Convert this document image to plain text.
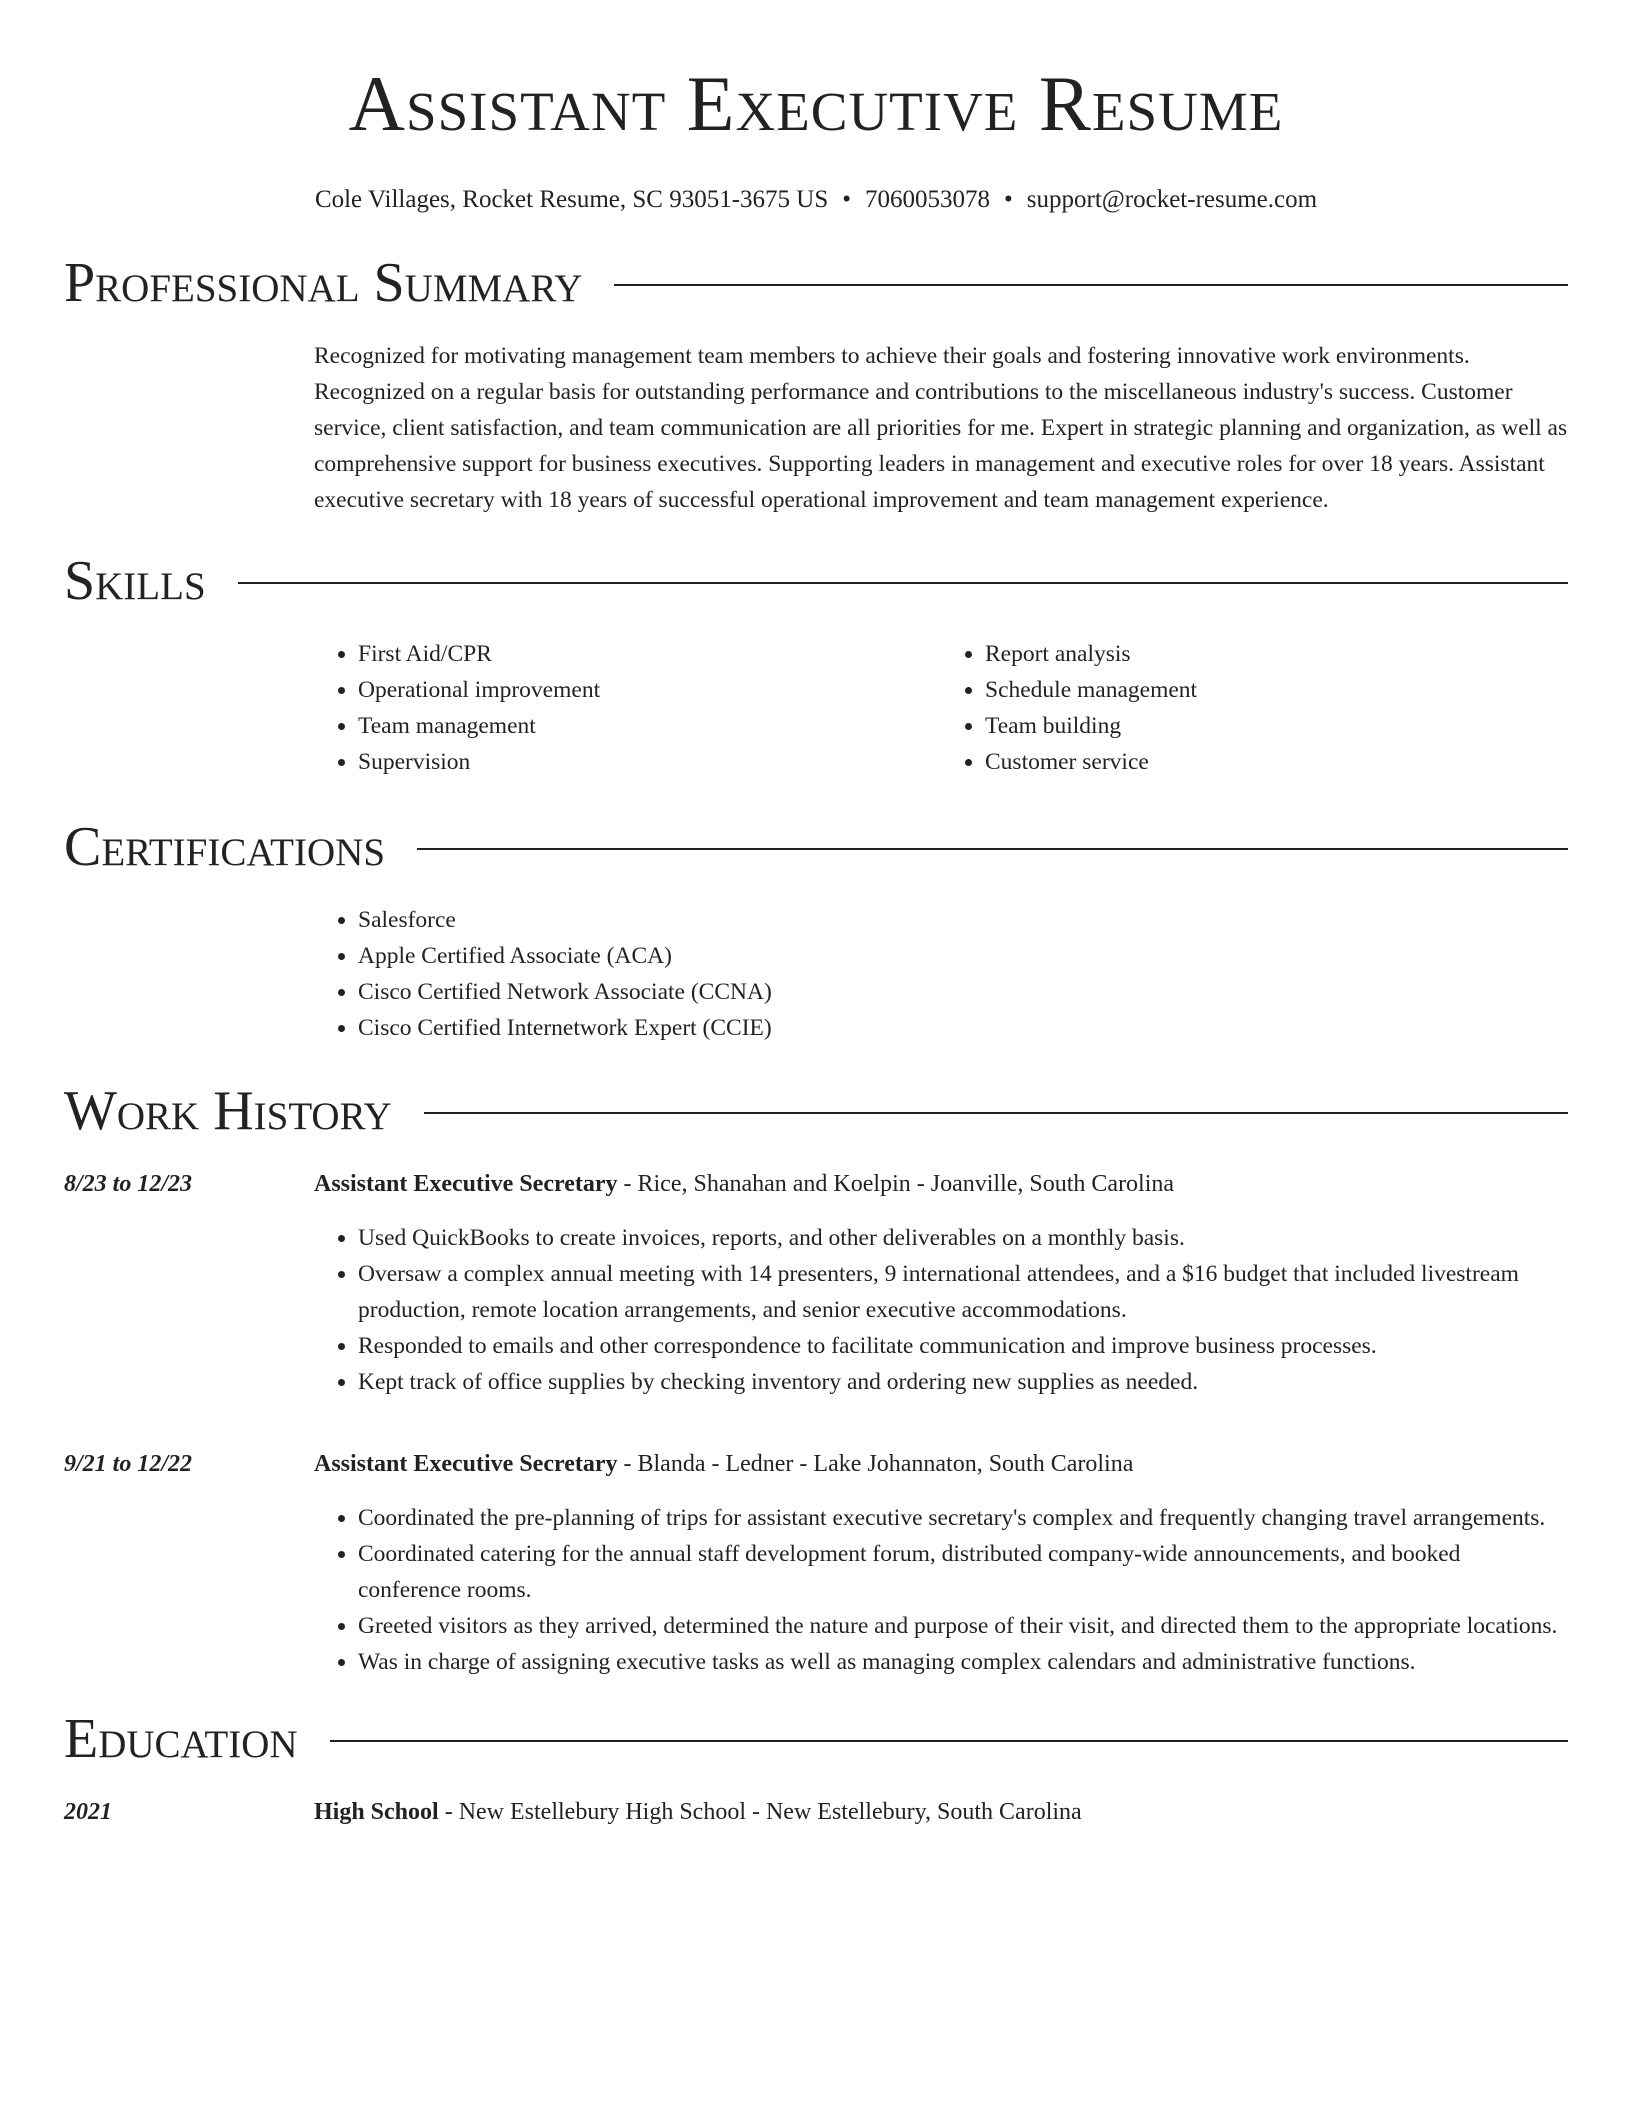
Assistant Executive Resume
Cole Villages, Rocket Resume, SC 93051-3675 US • 7060053078 • support@rocket-resume.com
Professional Summary
Recognized for motivating management team members to achieve their goals and fostering innovative work environments. Recognized on a regular basis for outstanding performance and contributions to the miscellaneous industry's success. Customer service, client satisfaction, and team communication are all priorities for me. Expert in strategic planning and organization, as well as comprehensive support for business executives. Supporting leaders in management and executive roles for over 18 years. Assistant executive secretary with 18 years of successful operational improvement and team management experience.
Skills
• First Aid/CPR
• Operational improvement
• Team management
• Supervision
• Report analysis
• Schedule management
• Team building
• Customer service
Certifications
• Salesforce
• Apple Certified Associate (ACA)
• Cisco Certified Network Associate (CCNA)
• Cisco Certified Internetwork Expert (CCIE)
Work History
8/23 to 12/23	Assistant Executive Secretary - Rice, Shanahan and Koelpin - Joanville, South Carolina
• Used QuickBooks to create invoices, reports, and other deliverables on a monthly basis.
• Oversaw a complex annual meeting with 14 presenters, 9 international attendees, and a $16 budget that included livestream production, remote location arrangements, and senior executive accommodations.
• Responded to emails and other correspondence to facilitate communication and improve business processes.
• Kept track of office supplies by checking inventory and ordering new supplies as needed.
9/21 to 12/22	Assistant Executive Secretary - Blanda - Ledner - Lake Johannaton, South Carolina
• Coordinated the pre-planning of trips for assistant executive secretary's complex and frequently changing travel arrangements.
• Coordinated catering for the annual staff development forum, distributed company-wide announcements, and booked conference rooms.
• Greeted visitors as they arrived, determined the nature and purpose of their visit, and directed them to the appropriate locations.
• Was in charge of assigning executive tasks as well as managing complex calendars and administrative functions.
Education
2021	High School - New Estellebury High School - New Estellebury, South Carolina
